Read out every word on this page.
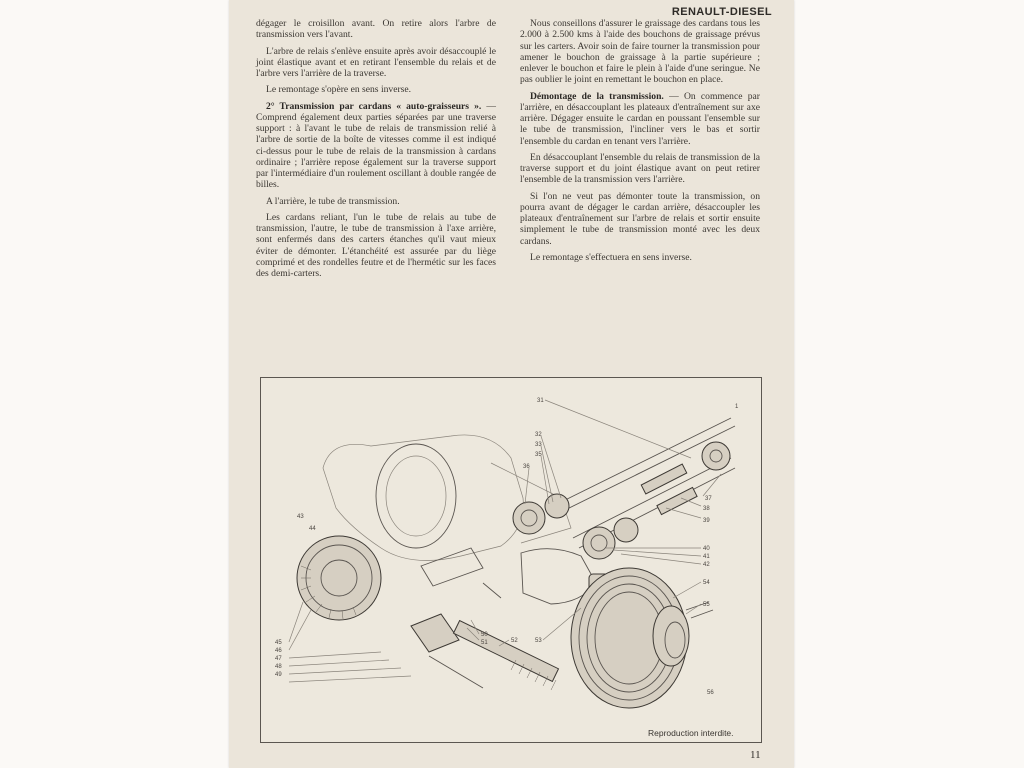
RENAULT-DIESEL

dégager le croisillon avant. On retire alors l'arbre de transmission vers l'avant.

L'arbre de relais s'enlève ensuite après avoir désaccouplé le joint élastique avant et en retirant l'ensemble du relais et de l'arbre vers l'arrière de la traverse.

Le remontage s'opère en sens inverse.

2° Transmission par cardans « auto-graisseurs ». — Comprend également deux parties séparées par une traverse support : à l'avant le tube de relais de transmission relié à l'arbre de sortie de la boîte de vitesses comme il est indiqué ci-dessus pour le tube de relais de la transmission à cardans ordinaire ; l'arrière repose également sur la traverse support par l'intermédiaire d'un roulement oscillant à double rangée de billes.

A l'arrière, le tube de transmission.

Les cardans reliant, l'un le tube de relais au tube de transmission, l'autre, le tube de transmission à l'axe arrière, sont enfermés dans des carters étanches qu'il vaut mieux éviter de démonter. L'étanchéité est assurée par du liège comprimé et des rondelles feutre et de l'hermétic sur les faces des demi-carters.

Nous conseillons d'assurer le graissage des cardans tous les 2.000 à 2.500 kms à l'aide des bouchons de graissage prévus sur les carters. Avoir soin de faire tourner la transmission pour amener le bouchon de graissage à la partie supérieure ; enlever le bouchon et faire le plein à l'aide d'une seringue. Ne pas oublier le joint en remettant le bouchon en place.

Démontage de la transmission. — On commence par l'arrière, en désaccouplant les plateaux d'entraînement sur axe arrière. Dégager ensuite le cardan en poussant l'ensemble sur le tube de transmission, l'incliner vers le bas et sortir l'ensemble du cardan en tenant vers l'arrière.

En désaccouplant l'ensemble du relais de transmission de la traverse support et du joint élastique avant on peut retirer l'ensemble de la transmission vers l'arrière.

Si l'on ne veut pas démonter toute la transmission, on pourra avant de dégager le cardan arrière, désaccoupler les plateaux d'entraînement sur l'arbre de relais et sortir ensuite simplement le tube de transmission monté avec les deux cardans.

Le remontage s'effectuera en sens inverse.

31
1
32
33
35
36
37
38
39
40
41
42
43
44
45
46
47
48
49
50
51	52	53
54
55
56
Reproduction interdite.
11
